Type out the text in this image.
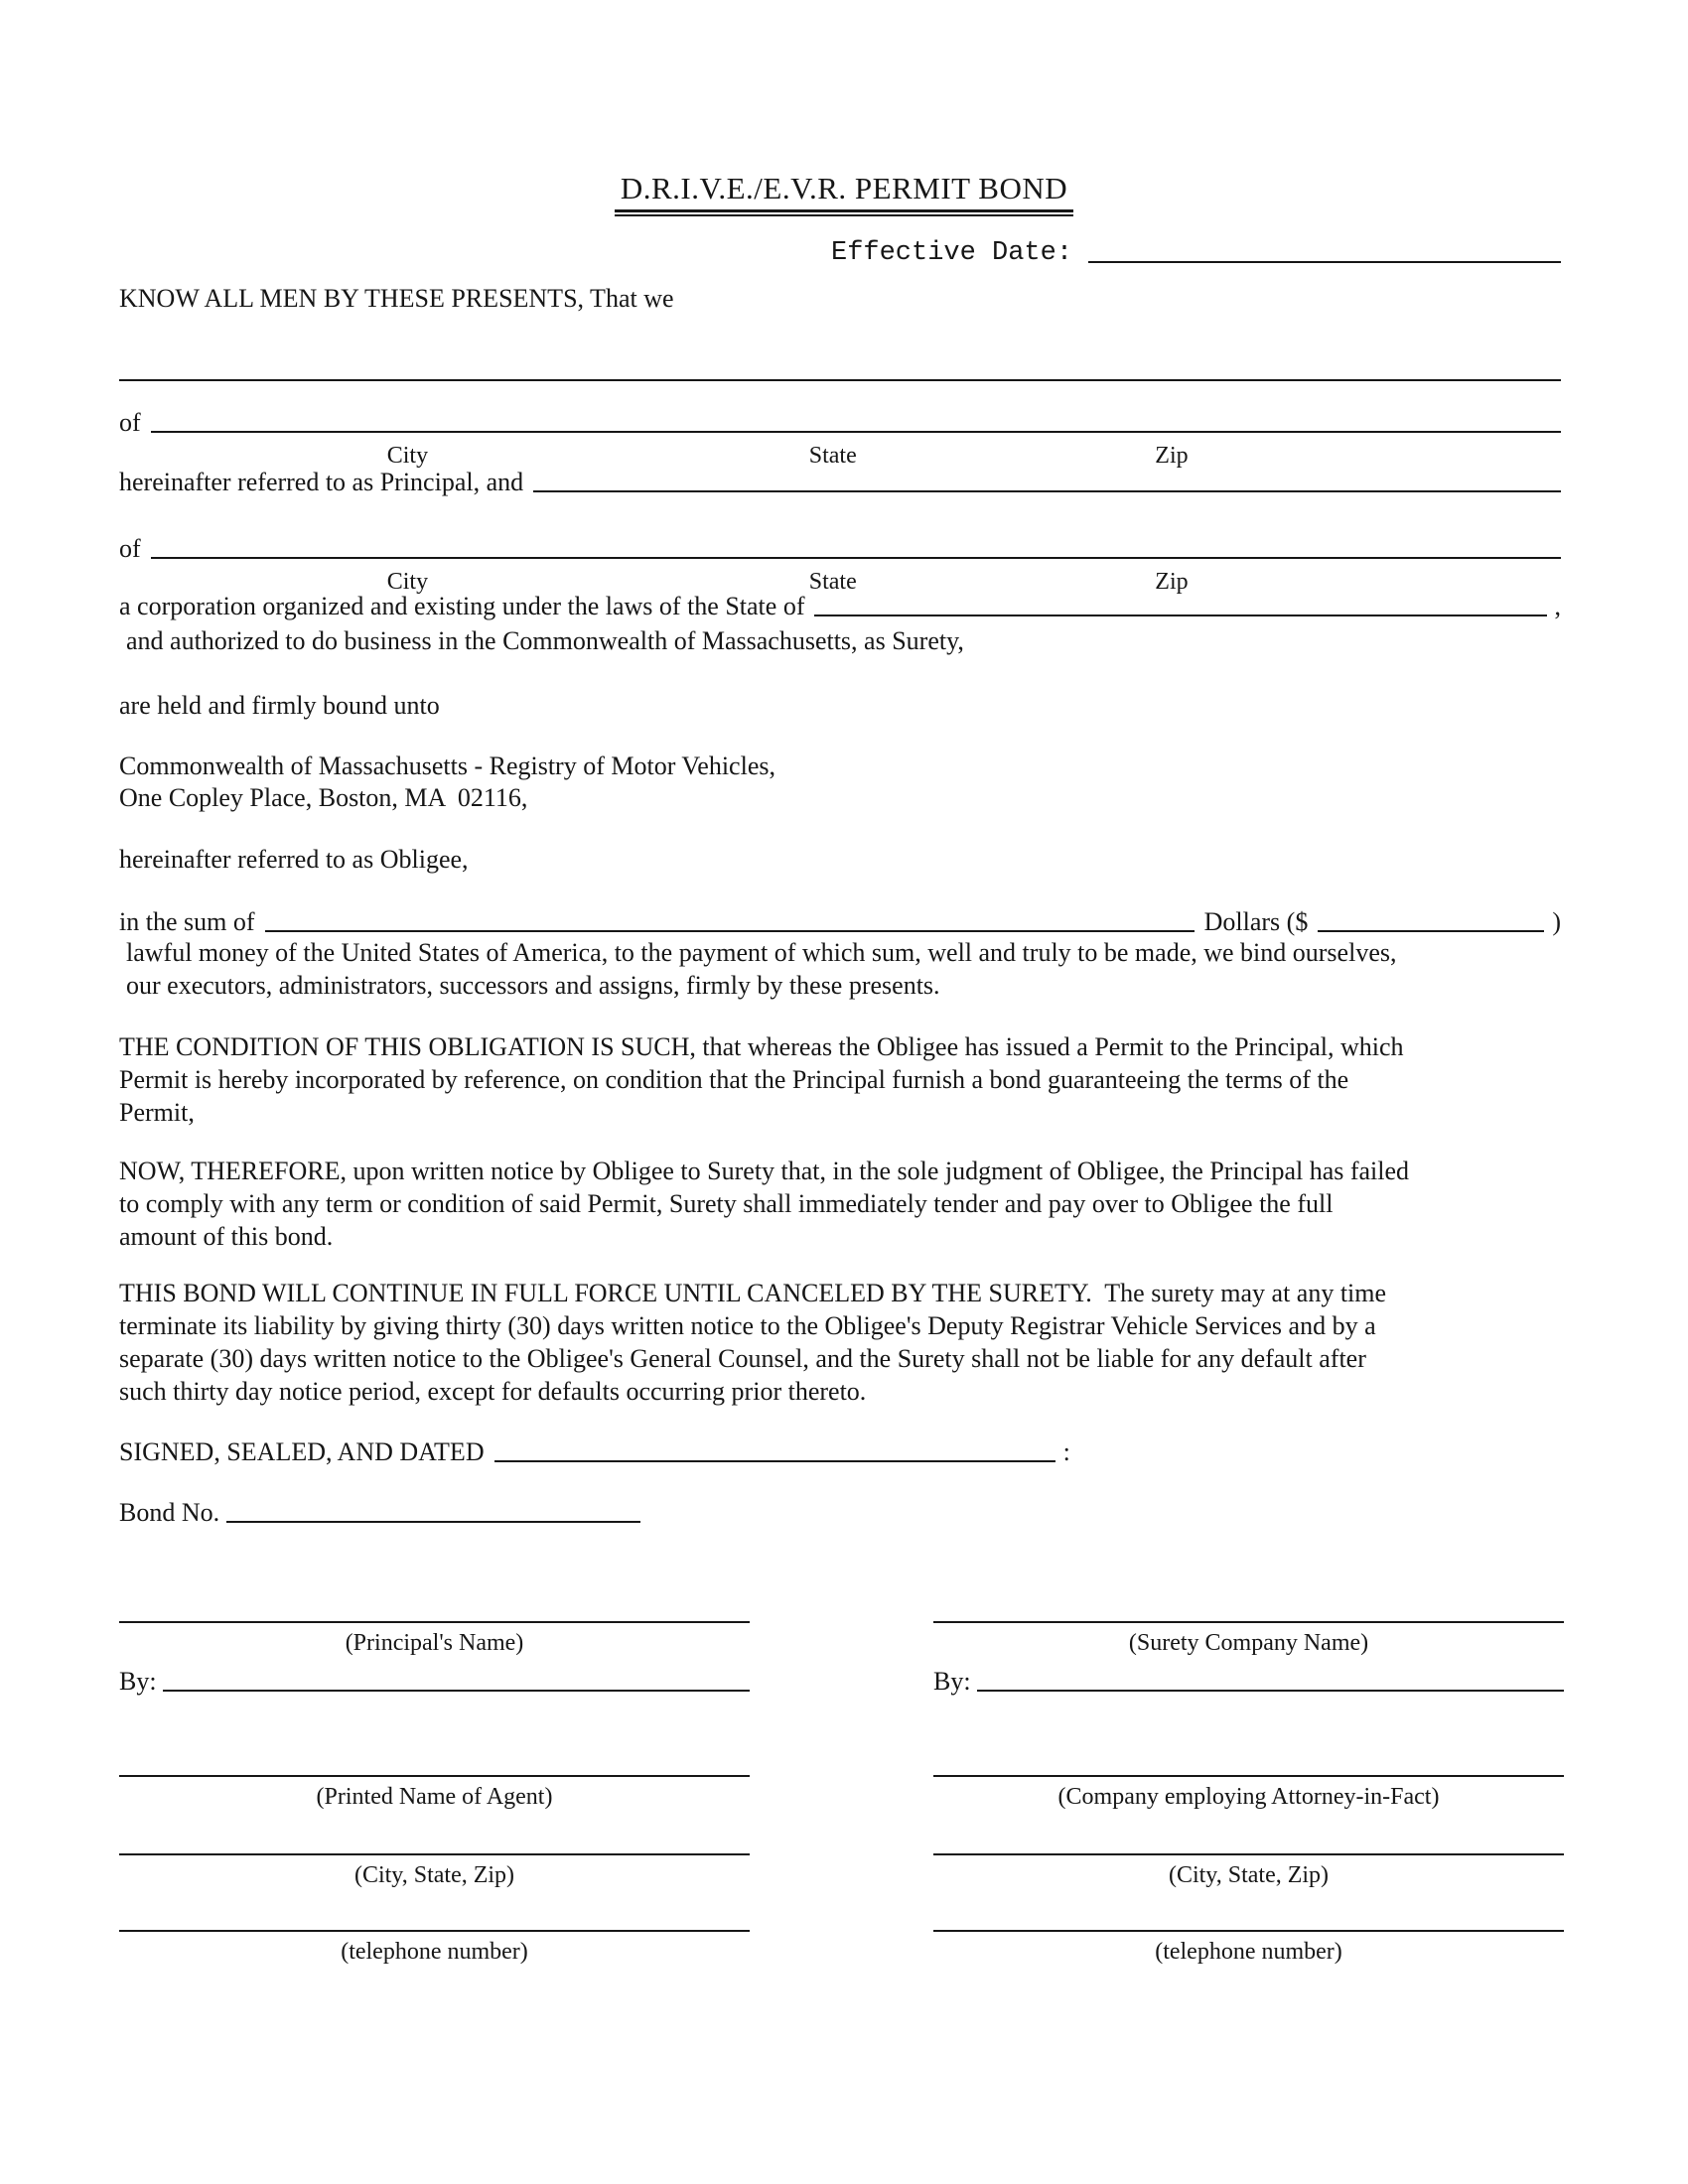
D.R.I.V.E./E.V.R. PERMIT BOND
Effective Date:
KNOW ALL MEN BY THESE PRESENTS, That we
of
City	State	Zip
hereinafter referred to as Principal, and
of
City	State	Zip
a corporation organized and existing under the laws of the State of	,
and authorized to do business in the Commonwealth of Massachusetts, as Surety,
are held and firmly bound unto
Commonwealth of Massachusetts - Registry of Motor Vehicles,
One Copley Place, Boston, MA  02116,
hereinafter referred to as Obligee,
in the sum of	Dollars ($	)
lawful money of the United States of America, to the payment of which sum, well and truly to be made, we bind ourselves,
our executors, administrators, successors and assigns, firmly by these presents.
THE CONDITION OF THIS OBLIGATION IS SUCH, that whereas the Obligee has issued a Permit to the Principal, which
Permit is hereby incorporated by reference, on condition that the Principal furnish a bond guaranteeing the terms of the
Permit,
NOW, THEREFORE, upon written notice by Obligee to Surety that, in the sole judgment of Obligee, the Principal has failed
to comply with any term or condition of said Permit, Surety shall immediately tender and pay over to Obligee the full
amount of this bond.
THIS BOND WILL CONTINUE IN FULL FORCE UNTIL CANCELED BY THE SURETY.  The surety may at any time
terminate its liability by giving thirty (30) days written notice to the Obligee's Deputy Registrar Vehicle Services and by a
separate (30) days written notice to the Obligee's General Counsel, and the Surety shall not be liable for any default after
such thirty day notice period, except for defaults occurring prior thereto.
SIGNED, SEALED, AND DATED	:
Bond No.
(Principal's Name)	(Surety Company Name)
By:	By:
(Printed Name of Agent)	(Company employing Attorney-in-Fact)
(City, State, Zip)	(City, State, Zip)
(telephone number)	(telephone number)
